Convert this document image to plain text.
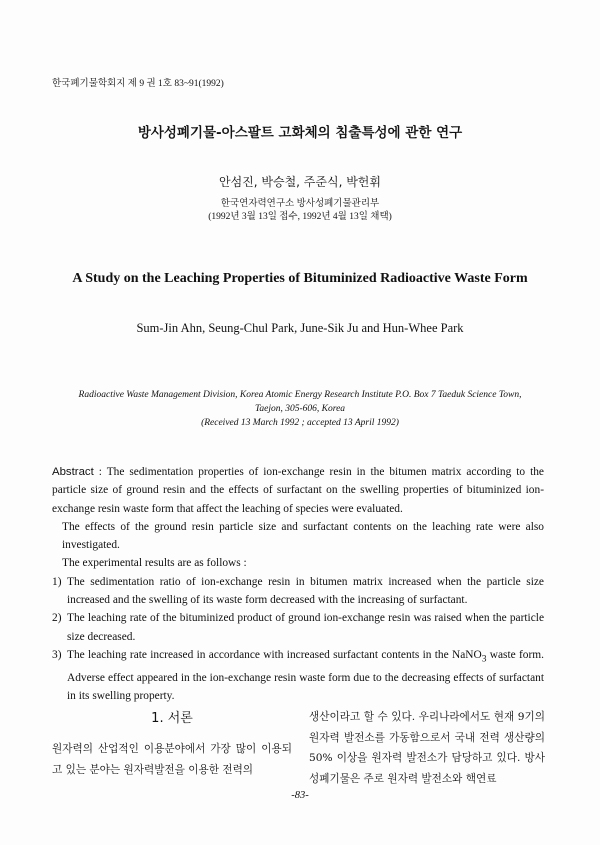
한국폐기물학회지 제 9 권 1호 83~91(1992)
방사성폐기물-아스팔트 고화체의 침출특성에 관한 연구
안섬진, 박승철, 주준식, 박헌휘
한국연자력연구소 방사성폐기물관리부
(1992년 3월 13일 접수, 1992년 4월 13일 채택)
A Study on the Leaching Properties of Bituminized Radioactive Waste Form
Sum-Jin Ahn, Seung-Chul Park, June-Sik Ju and Hun-Whee Park
Radioactive Waste Management Division, Korea Atomic Energy Research Institute P.O. Box 7 Taeduk Science Town,
Taejon, 305-606, Korea
(Received 13 March 1992 ; accepted 13 April 1992)

Abstract : The sedimentation properties of ion-exchange resin in the bitumen matrix according to the particle size of ground resin and the effects of surfactant on the swelling properties of bituminized ion-exchange resin waste form that affect the leaching of species were evaluated.

The effects of the ground resin particle size and surfactant contents on the leaching rate were also investigated.

The experimental results are as follows :

1) The sedimentation ratio of ion-exchange resin in bitumen matrix increased when the particle size increased and the swelling of its waste form decreased with the increasing of surfactant.
2) The leaching rate of the bituminized product of ground ion-exchange resin was raised when the particle size decreased.
3) The leaching rate increased in accordance with increased surfactant contents in the NaNO$_3$ waste form. Adverse effect appeared in the ion-exchange resin waste form due to the decreasing effects of surfactant in its swelling property.
1. 서론

원자력의 산업적인 이용분야에서 가장 많이 이용되고 있는 분야는 원자력발전을 이용한 전력의

생산이라고 할 수 있다. 우리나라에서도 현재 9기의 원자력 발전소를 가동함으로서 국내 전력 생산량의 50% 이상을 원자력 발전소가 담당하고 있다. 방사성폐기물은 주로 원자력 발전소와 핵연료

-83-
